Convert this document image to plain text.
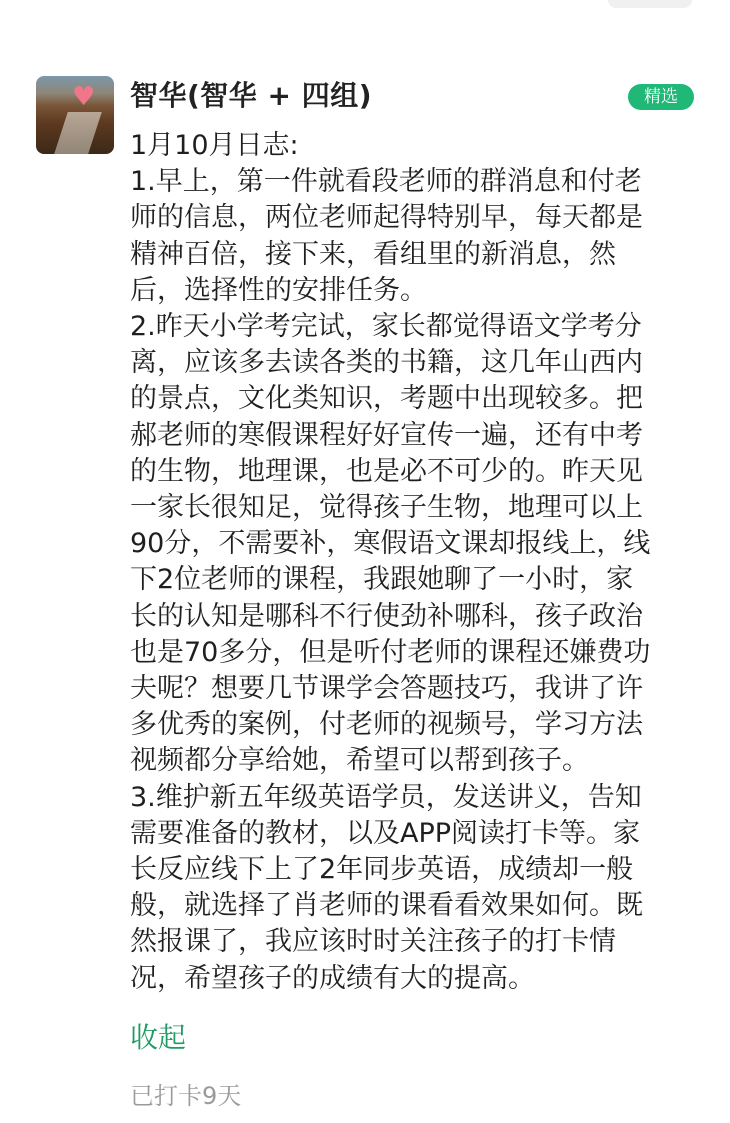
♥ 智华(智华 + 四组)	精选
1月10月日志:
1.早上，第一件就看段老师的群消息和付老
师的信息，两位老师起得特别早，每天都是
精神百倍，接下来，看组里的新消息，然
后，选择性的安排任务。
2.昨天小学考完试，家长都觉得语文学考分
离，应该多去读各类的书籍，这几年山西内
的景点，文化类知识，考题中出现较多。把
郝老师的寒假课程好好宣传一遍，还有中考
的生物，地理课，也是必不可少的。昨天见
一家长很知足，觉得孩子生物，地理可以上
90分，不需要补，寒假语文课却报线上，线
下2位老师的课程，我跟她聊了一小时，家
长的认知是哪科不行使劲补哪科，孩子政治
也是70多分，但是听付老师的课程还嫌费功
夫呢？想要几节课学会答题技巧，我讲了许
多优秀的案例，付老师的视频号，学习方法
视频都分享给她，希望可以帮到孩子。
3.维护新五年级英语学员，发送讲义，告知
需要准备的教材，以及APP阅读打卡等。家
长反应线下上了2年同步英语，成绩却一般
般，就选择了肖老师的课看看效果如何。既
然报课了，我应该时时关注孩子的打卡情
况，希望孩子的成绩有大的提高。
收起
已打卡9天
